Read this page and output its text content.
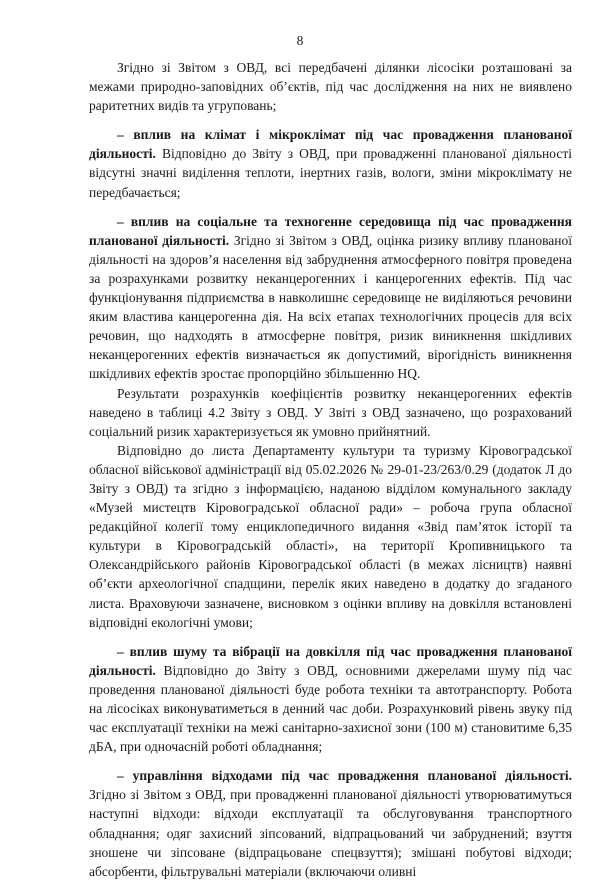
8

Згідно зі Звітом з ОВД, всі передбачені ділянки лісосіки розташовані за межами природно-заповідних об’єктів, під час дослідження на них не виявлено раритетних видів та угруповань;

– вплив на клімат і мікроклімат під час провадження планованої діяльності. Відповідно до Звіту з ОВД, при провадженні планованої діяльності відсутні значні виділення теплоти, інертних газів, вологи, зміни мікроклімату не передбачається;

– вплив на соціальне та техногенне середовища під час провадження планованої діяльності. Згідно зі Звітом з ОВД, оцінка ризику впливу планованої діяльності на здоров’я населення від забруднення атмосферного повітря проведена за розрахунками розвитку неканцерогенних і канцерогенних ефектів. Під час функціонування підприємства в навколишнє середовище не виділяються речовини яким властива канцерогенна дія. На всіх етапах технологічних процесів для всіх речовин, що надходять в атмосферне повітря, ризик виникнення шкідливих неканцерогенних ефектів визначається як допустимий, вірогідність виникнення шкідливих ефектів зростає пропорційно збільшенню HQ.

Результати розрахунків коефіцієнтів розвитку неканцерогенних ефектів наведено в таблиці 4.2 Звіту з ОВД. У Звіті з ОВД зазначено, що розрахований соціальний ризик характеризується як умовно прийнятний.

Відповідно до листа Департаменту культури та туризму Кіровоградської обласної військової адміністрації від 05.02.2026 № 29-01-23/263/0.29 (додаток Л до Звіту з ОВД) та згідно з інформацією, наданою відділом комунального закладу «Музей мистецтв Кіровоградської обласної ради» – робоча група обласної редакційної колегії тому енциклопедичного видання «Звід пам’яток історії та культури в Кіровоградській області», на території Кропивницького та Олександрійського районів Кіровоградської області (в межах лісництв) наявні об’єкти археологічної спадщини, перелік яких наведено в додатку до згаданого листа. Враховуючи зазначене, висновком з оцінки впливу на довкілля встановлені відповідні екологічні умови;

– вплив шуму та вібрації на довкілля під час провадження планованої діяльності. Відповідно до Звіту з ОВД, основними джерелами шуму під час проведення планованої діяльності буде робота техніки та автотранспорту. Робота на лісосіках виконуватиметься в денний час доби. Розрахунковий рівень звуку під час експлуатації техніки на межі санітарно-захисної зони (100 м) становитиме 6,35 дБА, при одночасній роботі обладнання;

– управління відходами під час провадження планованої діяльності. Згідно зі Звітом з ОВД, при провадженні планованої діяльності утворюватимуться наступні відходи: відходи експлуатації та обслуговування транспортного обладнання; одяг захисний зіпсований, відпрацьований чи забруднений; взуття зношене чи зіпсоване (відпрацьоване спецвзуття); змішані побутові відходи; абсорбенти, фільтрувальні матеріали (включаючи оливні
